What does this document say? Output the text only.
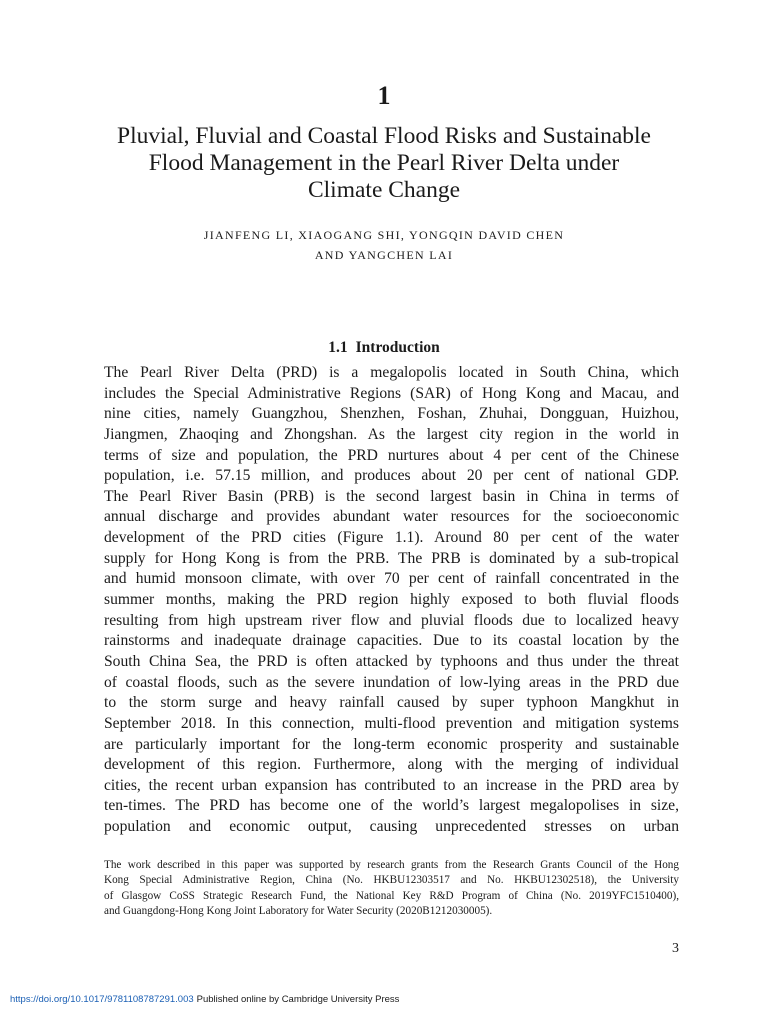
1
Pluvial, Fluvial and Coastal Flood Risks and Sustainable
Flood Management in the Pearl River Delta under
Climate Change
JIANFENG LI, XIAOGANG SHI, YONGQIN DAVID CHEN
AND YANGCHEN LAI
1.1 Introduction
The Pearl River Delta (PRD) is a megalopolis located in South China, which
includes the Special Administrative Regions (SAR) of Hong Kong and Macau, and
nine cities, namely Guangzhou, Shenzhen, Foshan, Zhuhai, Dongguan, Huizhou,
Jiangmen, Zhaoqing and Zhongshan. As the largest city region in the world in
terms of size and population, the PRD nurtures about 4 per cent of the Chinese
population, i.e. 57.15 million, and produces about 20 per cent of national GDP.
The Pearl River Basin (PRB) is the second largest basin in China in terms of
annual discharge and provides abundant water resources for the socioeconomic
development of the PRD cities (Figure 1.1). Around 80 per cent of the water
supply for Hong Kong is from the PRB. The PRB is dominated by a sub-tropical
and humid monsoon climate, with over 70 per cent of rainfall concentrated in the
summer months, making the PRD region highly exposed to both fluvial floods
resulting from high upstream river flow and pluvial floods due to localized heavy
rainstorms and inadequate drainage capacities. Due to its coastal location by the
South China Sea, the PRD is often attacked by typhoons and thus under the threat
of coastal floods, such as the severe inundation of low-lying areas in the PRD due
to the storm surge and heavy rainfall caused by super typhoon Mangkhut in
September 2018. In this connection, multi-flood prevention and mitigation systems
are particularly important for the long-term economic prosperity and sustainable
development of this region. Furthermore, along with the merging of individual
cities, the recent urban expansion has contributed to an increase in the PRD area by
ten-times. The PRD has become one of the world’s largest megalopolises in size,
population and economic output, causing unprecedented stresses on urban
The work described in this paper was supported by research grants from the Research Grants Council of the Hong
Kong Special Administrative Region, China (No. HKBU12303517 and No. HKBU12302518), the University
of Glasgow CoSS Strategic Research Fund, the National Key R&D Program of China (No. 2019YFC1510400),
and Guangdong-Hong Kong Joint Laboratory for Water Security (2020B1212030005).
3
https://doi.org/10.1017/9781108787291.003 Published online by Cambridge University Press
